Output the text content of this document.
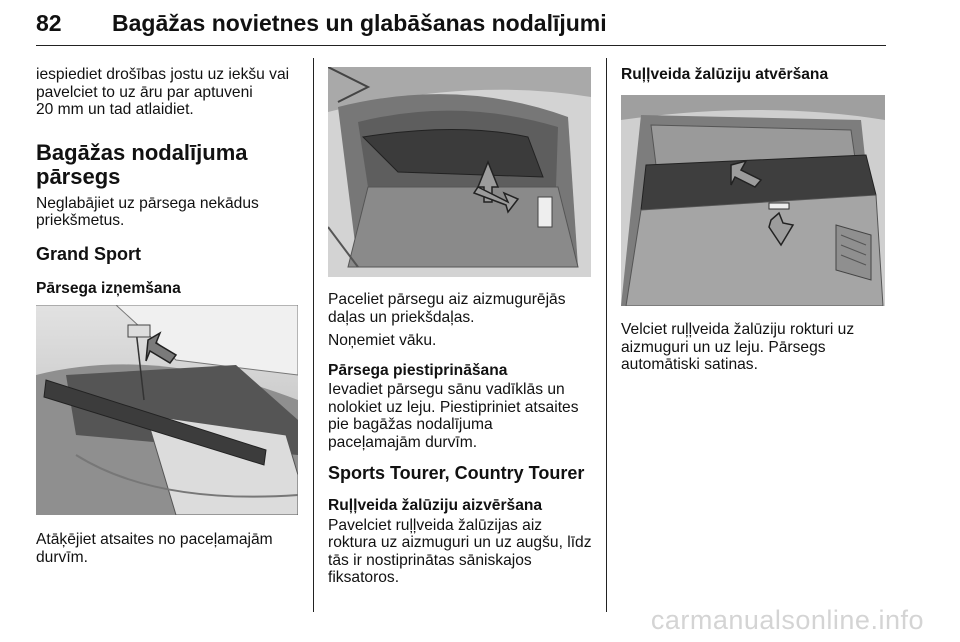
82 Bagāžas novietnes un glabāšanas nodalījumi

iespiediet drošības jostu uz iekšu vai
pavelciet to uz āru par aptuveni
20 mm un tad atlaidiet.

Bagāžas nodalījuma
pārsegs

Neglabājiet uz pārsega nekādus
priekšmetus.

Grand Sport

Pārsega izņemšana

Atāķējiet atsaites no paceļamajām
durvīm.

Paceliet pārsegu aiz aizmugurējās
daļas un priekšdaļas.

Noņemiet vāku.

Pārsega piestiprināšana

Ievadiet pārsegu sānu vadīklās un
nolokiet uz leju. Piestipriniet atsaites
pie bagāžas nodalījuma
paceļamajām durvīm.

Sports Tourer, Country Tourer

Ruļļveida žalūziju aizvēršana

Pavelciet ruļļveida žalūzijas aiz
roktura uz aizmuguri un uz augšu, līdz
tās ir nostiprinātas sāniskajos
fiksatoros.

Ruļļveida žalūziju atvēršana

Velciet ruļļveida žalūziju rokturi uz
aizmuguri un uz leju. Pārsegs
automātiski satinas.

carmanualsonline.info
